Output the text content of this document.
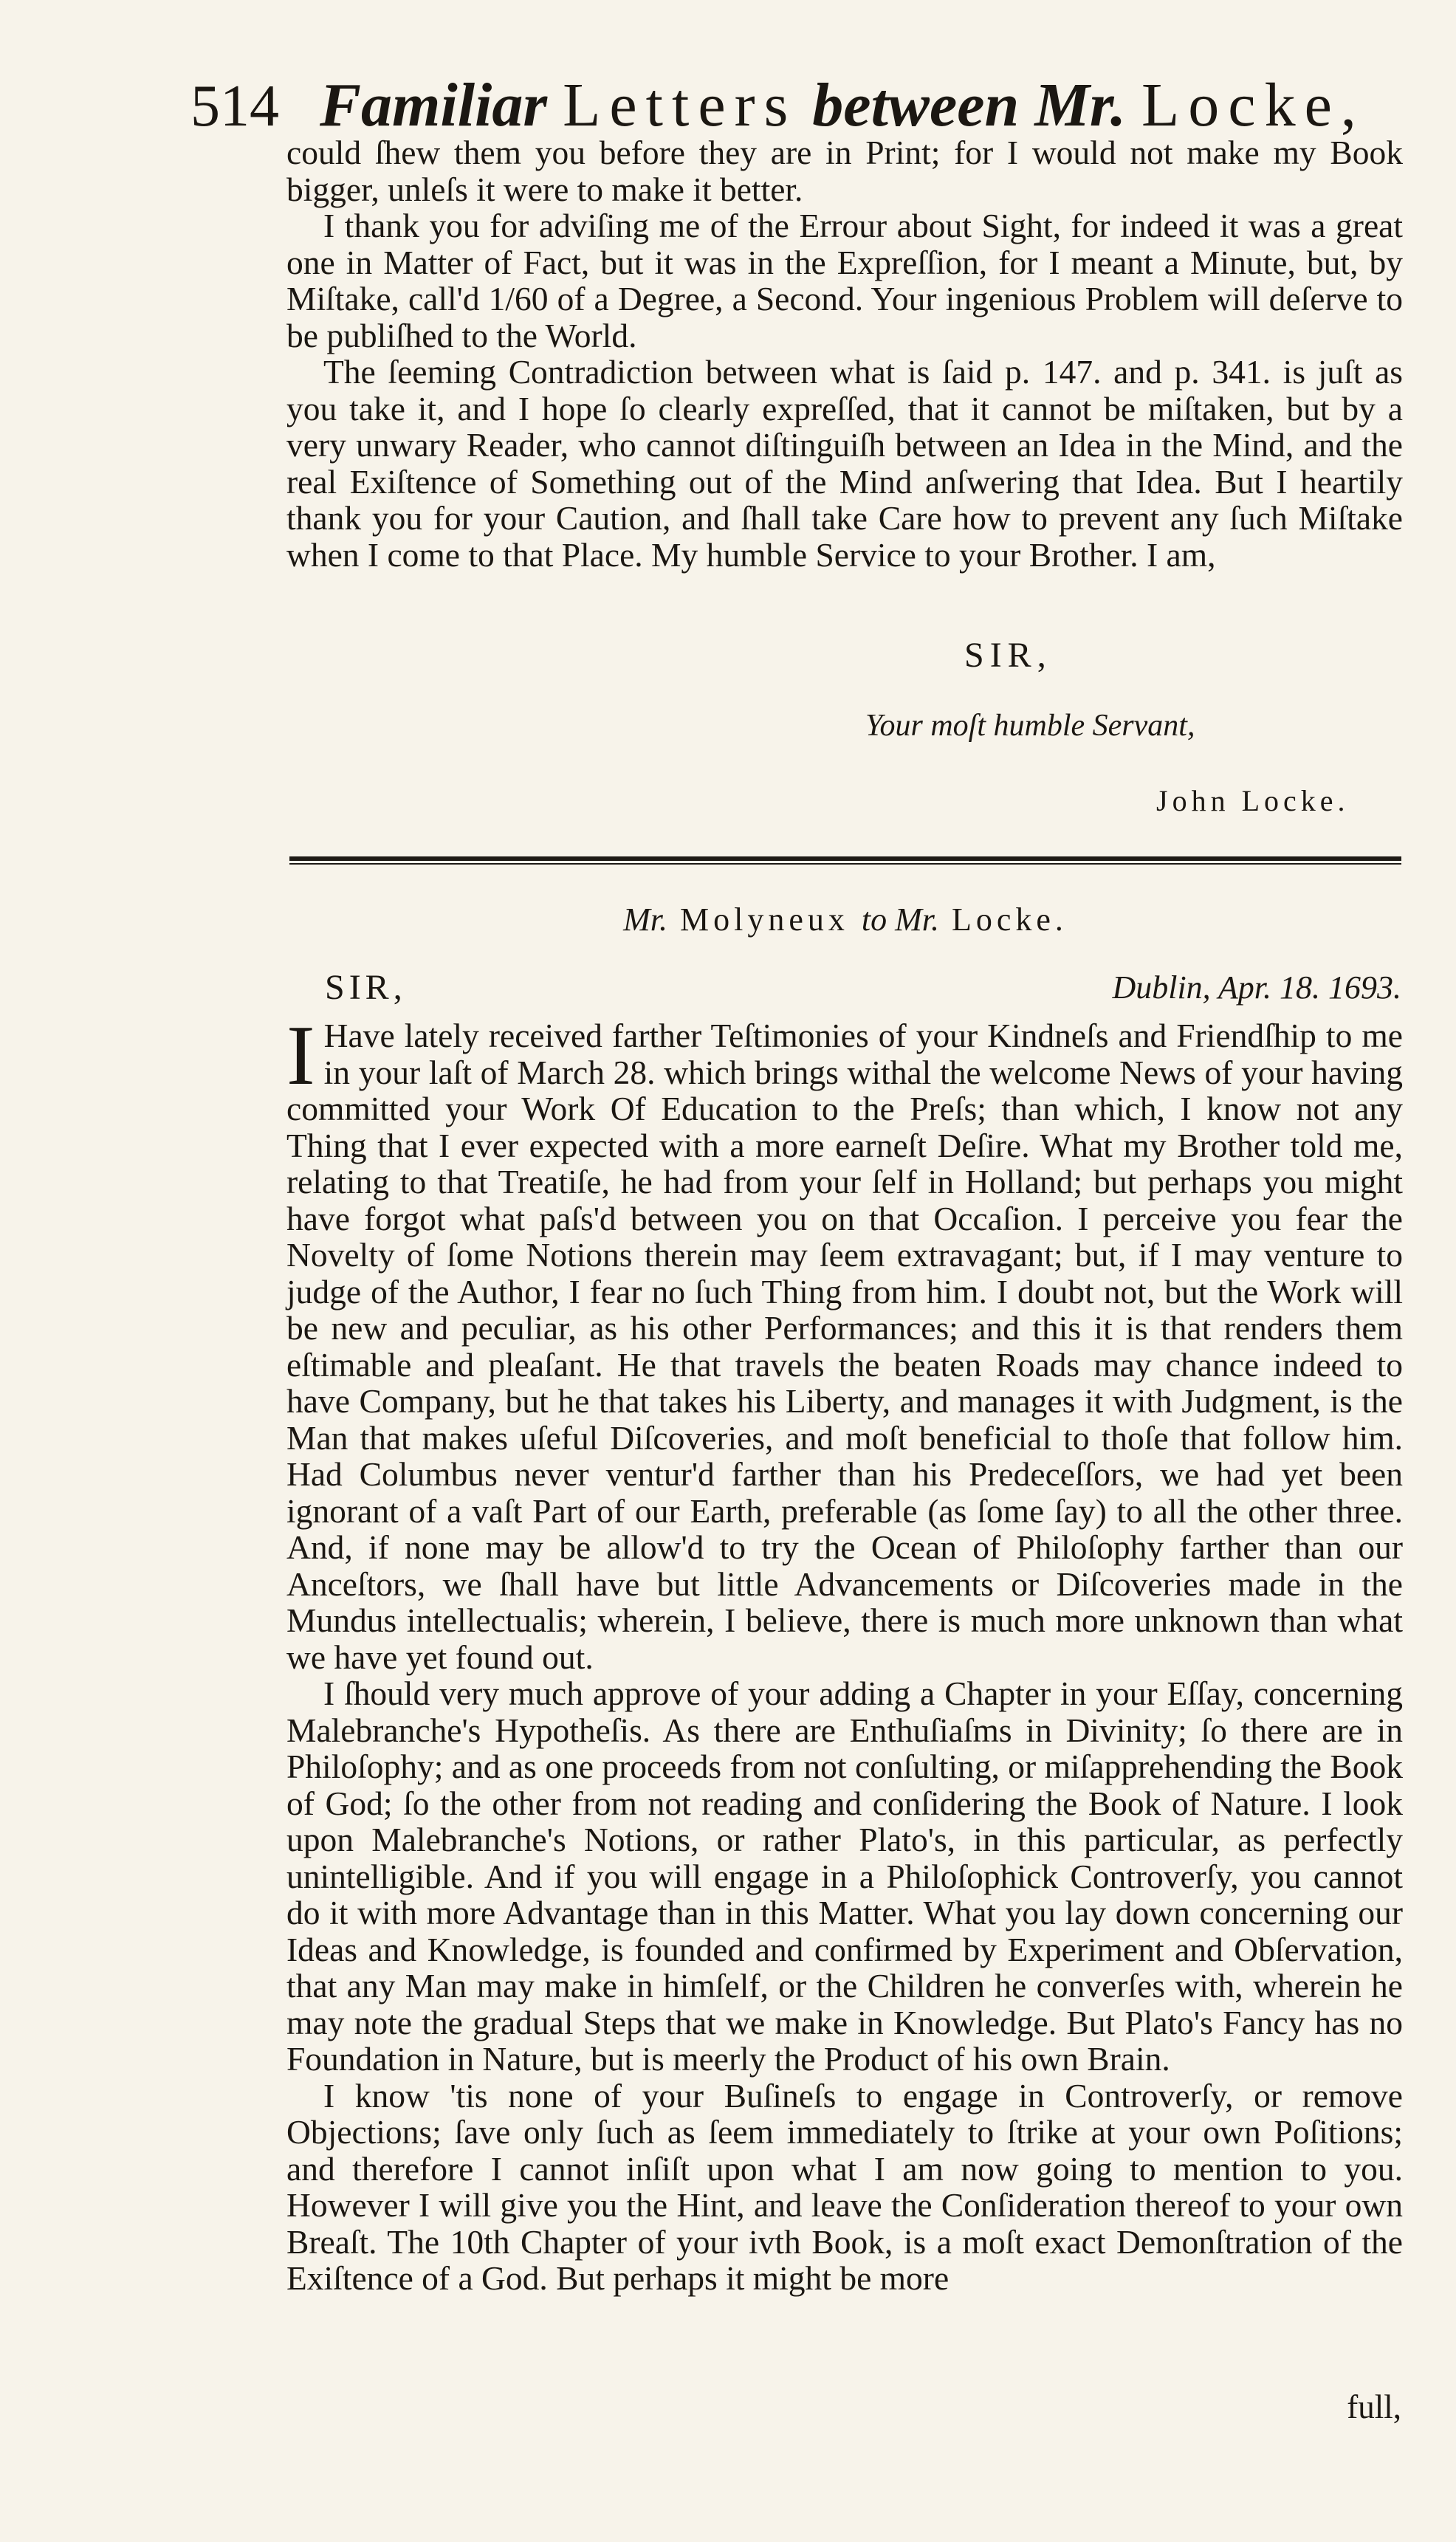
514 Familiar Letters between Mr. Locke,

could ſhew them you before they are in Print; for I would not make my Book bigger, unleſs it were to make it better.

I thank you for adviſing me of the Errour about Sight, for indeed it was a great one in Matter of Fact, but it was in the Expreſſion, for I meant a Minute, but, by Miſtake, call'd 1/60 of a Degree, a Second. Your ingenious Problem will deſerve to be publiſhed to the World.

The ſeeming Contradiction between what is ſaid p. 147. and p. 341. is juſt as you take it, and I hope ſo clearly expreſſed, that it cannot be miſtaken, but by a very unwary Reader, who cannot diſtinguiſh between an Idea in the Mind, and the real Exiſtence of Something out of the Mind anſwering that Idea. But I heartily thank you for your Caution, and ſhall take Care how to prevent any ſuch Miſtake when I come to that Place. My humble Service to your Brother. I am,

SIR,
Your moſt humble Servant,
John Locke.
Mr. Molyneux to Mr. Locke.
SIR,	Dublin, Apr. 18. 1693.

I Have lately received farther Teſtimonies of your Kindneſs and Friendſhip to me in your laſt of March 28. which brings withal the welcome News of your having committed your Work Of Education to the Preſs; than which, I know not any Thing that I ever expected with a more earneſt Deſire. What my Brother told me, relating to that Treatiſe, he had from your ſelf in Holland; but perhaps you might have forgot what paſs'd between you on that Occaſion. I perceive you fear the Novelty of ſome Notions therein may ſeem extravagant; but, if I may venture to judge of the Author, I fear no ſuch Thing from him. I doubt not, but the Work will be new and peculiar, as his other Performances; and this it is that renders them eſtimable and pleaſant. He that travels the beaten Roads may chance indeed to have Company, but he that takes his Liberty, and manages it with Judgment, is the Man that makes uſeful Diſcoveries, and moſt beneficial to thoſe that follow him. Had Columbus never ventur'd farther than his Predeceſſors, we had yet been ignorant of a vaſt Part of our Earth, preferable (as ſome ſay) to all the other three. And, if none may be allow'd to try the Ocean of Philoſophy farther than our Anceſtors, we ſhall have but little Advancements or Diſcoveries made in the Mundus intellectualis; wherein, I believe, there is much more unknown than what we have yet found out.

I ſhould very much approve of your adding a Chapter in your Eſſay, concerning Malebranche's Hypotheſis. As there are Enthuſiaſms in Divinity; ſo there are in Philoſophy; and as one proceeds from not conſulting, or miſapprehending the Book of God; ſo the other from not reading and conſidering the Book of Nature. I look upon Malebranche's Notions, or rather Plato's, in this particular, as perfectly unintelligible. And if you will engage in a Philoſophick Controverſy, you cannot do it with more Advantage than in this Matter. What you lay down concerning our Ideas and Knowledge, is founded and confirmed by Experiment and Obſervation, that any Man may make in himſelf, or the Children he converſes with, wherein he may note the gradual Steps that we make in Knowledge. But Plato's Fancy has no Foundation in Nature, but is meerly the Product of his own Brain.

I know 'tis none of your Buſineſs to engage in Controverſy, or remove Objections; ſave only ſuch as ſeem immediately to ſtrike at your own Poſitions; and therefore I cannot inſiſt upon what I am now going to mention to you. However I will give you the Hint, and leave the Conſideration thereof to your own Breaſt. The 10th Chapter of your ivth Book, is a moſt exact Demonſtration of the Exiſtence of a God. But perhaps it might be more

full,
